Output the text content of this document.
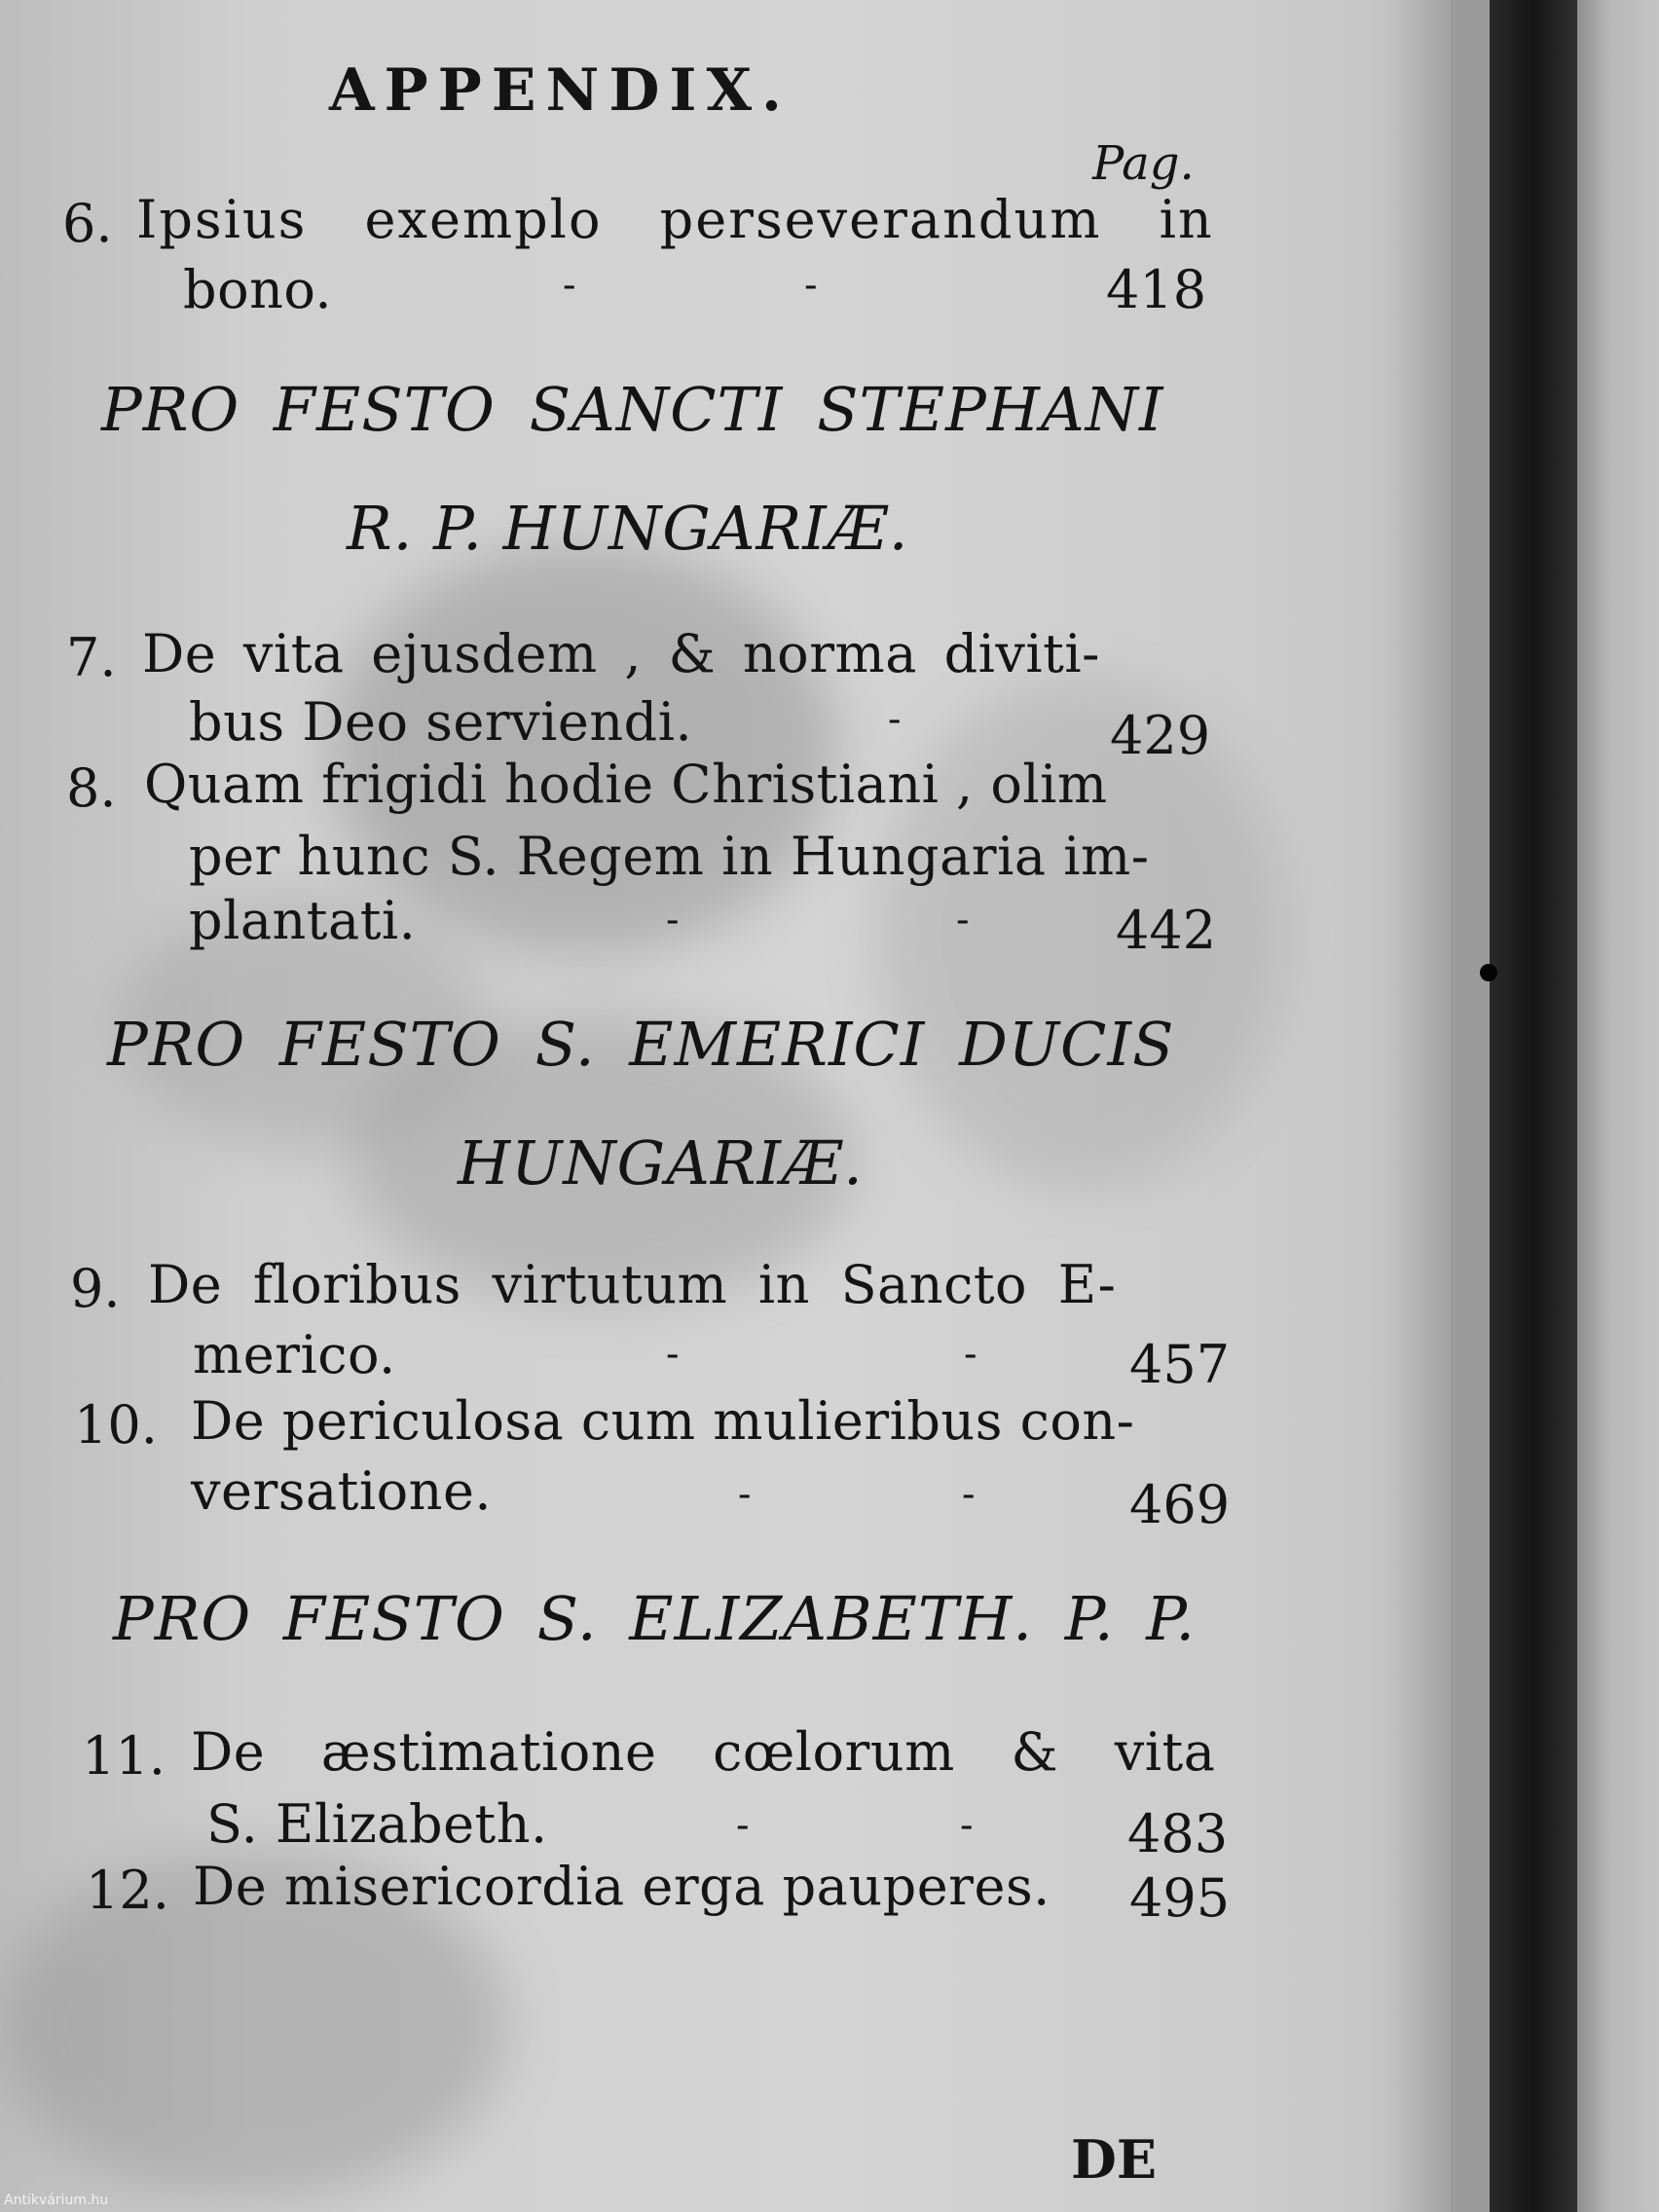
APPENDIX.
Pag.
6. Ipsius exemplo perseverandum in
bono.	-	-	418
PRO FESTO SANCTI STEPHANI
R. P. HUNGARIÆ.
7. De vita ejusdem , & norma diviti-
bus Deo serviendi.	-	429
8. Quam frigidi hodie Christiani , olim
per hunc S. Regem in Hungaria im-
plantati.	-	-	442
PRO FESTO S. EMERICI DUCIS
HUNGARIÆ.
9. De floribus virtutum in Sancto E-
merico.	-	-	457
10. De periculosa cum mulieribus con-
versatione.	-	-	469
PRO FESTO S. ELIZABETH. P. P.
11. De æstimatione cœlorum & vita
S. Elizabeth.	-	-	483
12. De misericordia erga pauperes. 495
DE
Antikvárium.hu
